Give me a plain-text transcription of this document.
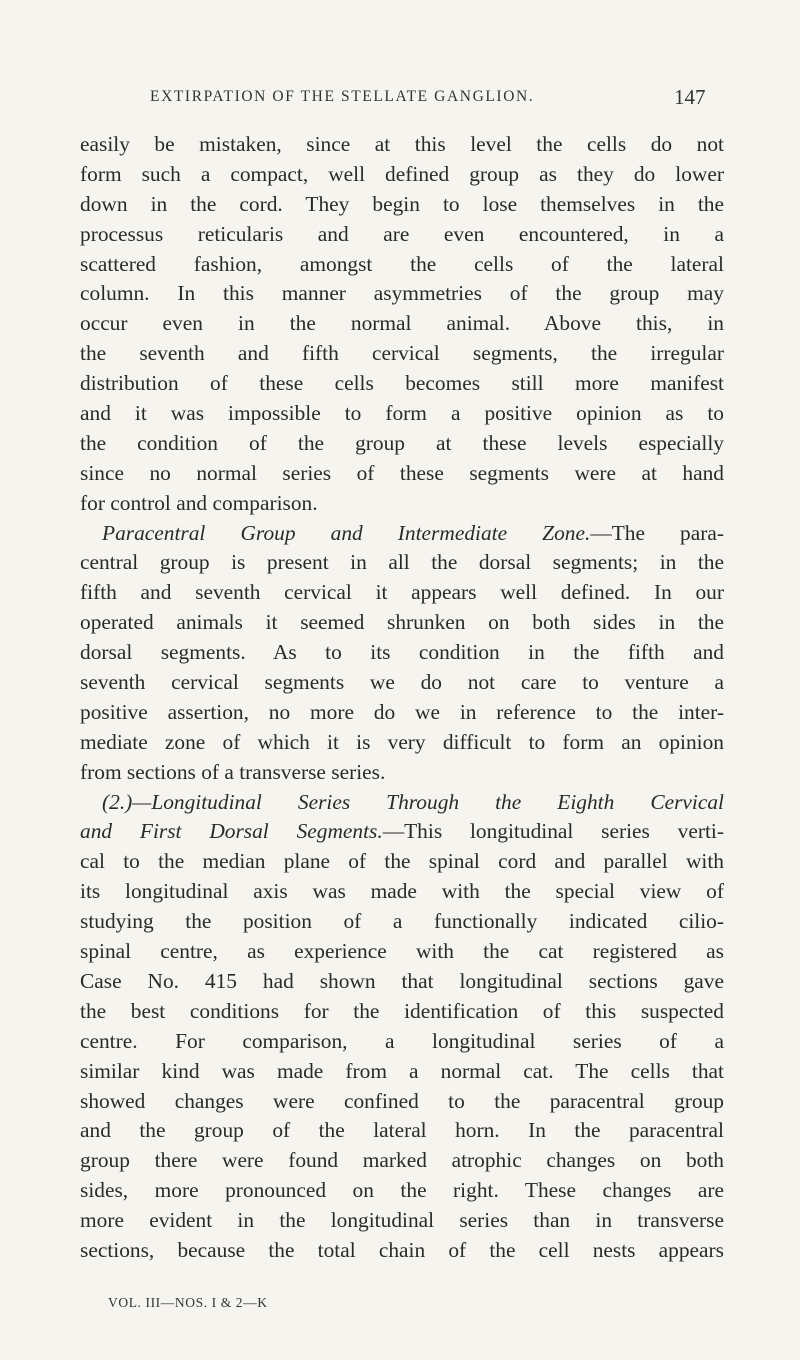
EXTIRPATION OF THE STELLATE GANGLION.	147
easily be mistaken, since at this level the cells do not
form such a compact, well defined group as they do lower
down in the cord. They begin to lose themselves in the
processus reticularis and are even encountered, in a
scattered fashion, amongst the cells of the lateral
column. In this manner asymmetries of the group may
occur even in the normal animal. Above this, in
the seventh and fifth cervical segments, the irregular
distribution of these cells becomes still more manifest
and it was impossible to form a positive opinion as to
the condition of the group at these levels especially
since no normal series of these segments were at hand
for control and comparison.
Paracentral Group and Intermediate Zone.—The para-
central group is present in all the dorsal segments; in the
fifth and seventh cervical it appears well defined. In our
operated animals it seemed shrunken on both sides in the
dorsal segments. As to its condition in the fifth and
seventh cervical segments we do not care to venture a
positive assertion, no more do we in reference to the inter-
mediate zone of which it is very difficult to form an opinion
from sections of a transverse series.
(2.)—Longitudinal Series Through the Eighth Cervical
and First Dorsal Segments.—This longitudinal series verti-
cal to the median plane of the spinal cord and parallel with
its longitudinal axis was made with the special view of
studying the position of a functionally indicated cilio-
spinal centre, as experience with the cat registered as
Case No. 415 had shown that longitudinal sections gave
the best conditions for the identification of this suspected
centre. For comparison, a longitudinal series of a
similar kind was made from a normal cat. The cells that
showed changes were confined to the paracentral group
and the group of the lateral horn. In the paracentral
group there were found marked atrophic changes on both
sides, more pronounced on the right. These changes are
more evident in the longitudinal series than in transverse
sections, because the total chain of the cell nests appears
VOL. III—NOS. I & 2—K
